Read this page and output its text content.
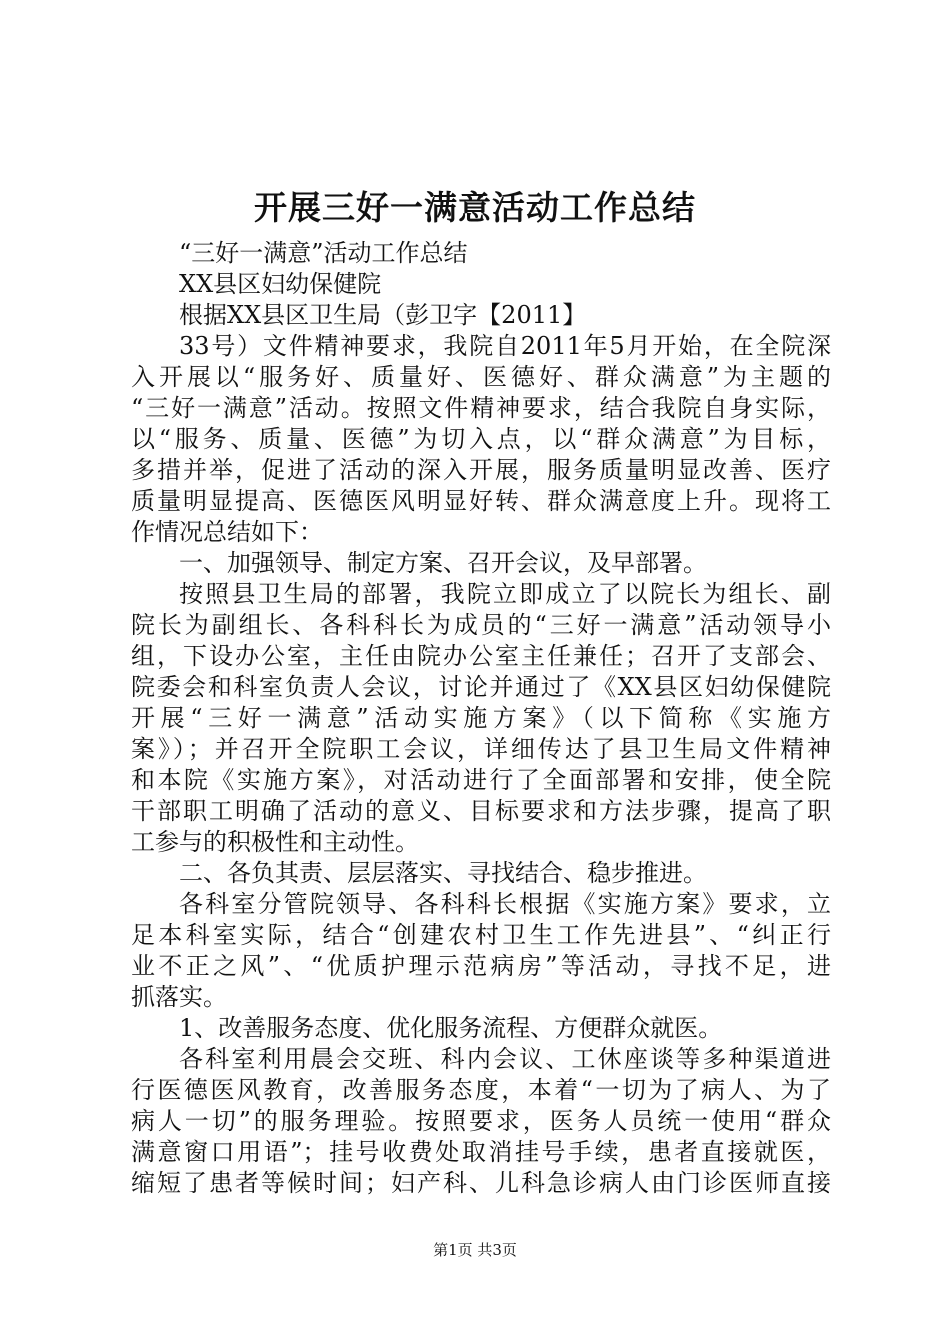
开展三好一满意活动工作总结
“三好一满意”活动工作总结
XX县区妇幼保健院
根据XX县区卫生局（彭卫字【2011】
33号）文件精神要求，我院自2011年5月开始，在全院深
入开展以“服务好、质量好、医德好、群众满意”为主题的
“三好一满意”活动。按照文件精神要求，结合我院自身实际，
以“服务、质量、医德”为切入点，以“群众满意”为目标，
多措并举，促进了活动的深入开展，服务质量明显改善、医疗
质量明显提高、医德医风明显好转、群众满意度上升。现将工
作情况总结如下：
一、加强领导、制定方案、召开会议，及早部署。
按照县卫生局的部署，我院立即成立了以院长为组长、副
院长为副组长、各科科长为成员的“三好一满意”活动领导小
组，下设办公室，主任由院办公室主任兼任；召开了支部会、
院委会和科室负责人会议，讨论并通过了《XX县区妇幼保健院
开展“三好一满意”活动实施方案》（以下简称《实施方
案》）；并召开全院职工会议，详细传达了县卫生局文件精神
和本院《实施方案》，对活动进行了全面部署和安排，使全院
干部职工明确了活动的意义、目标要求和方法步骤，提高了职
工参与的积极性和主动性。
二、各负其责、层层落实、寻找结合、稳步推进。
各科室分管院领导、各科科长根据《实施方案》要求，立
足本科室实际，结合“创建农村卫生工作先进县”、“纠正行
业不正之风”、“优质护理示范病房”等活动，寻找不足，进
抓落实。
1、改善服务态度、优化服务流程、方便群众就医。
各科室利用晨会交班、科内会议、工休座谈等多种渠道进
行医德医风教育，改善服务态度，本着“一切为了病人、为了
病人一切”的服务理验。按照要求，医务人员统一使用“群众
满意窗口用语”；挂号收费处取消挂号手续，患者直接就医，
缩短了患者等候时间；妇产科、儿科急诊病人由门诊医师直接
第1页 共3页
